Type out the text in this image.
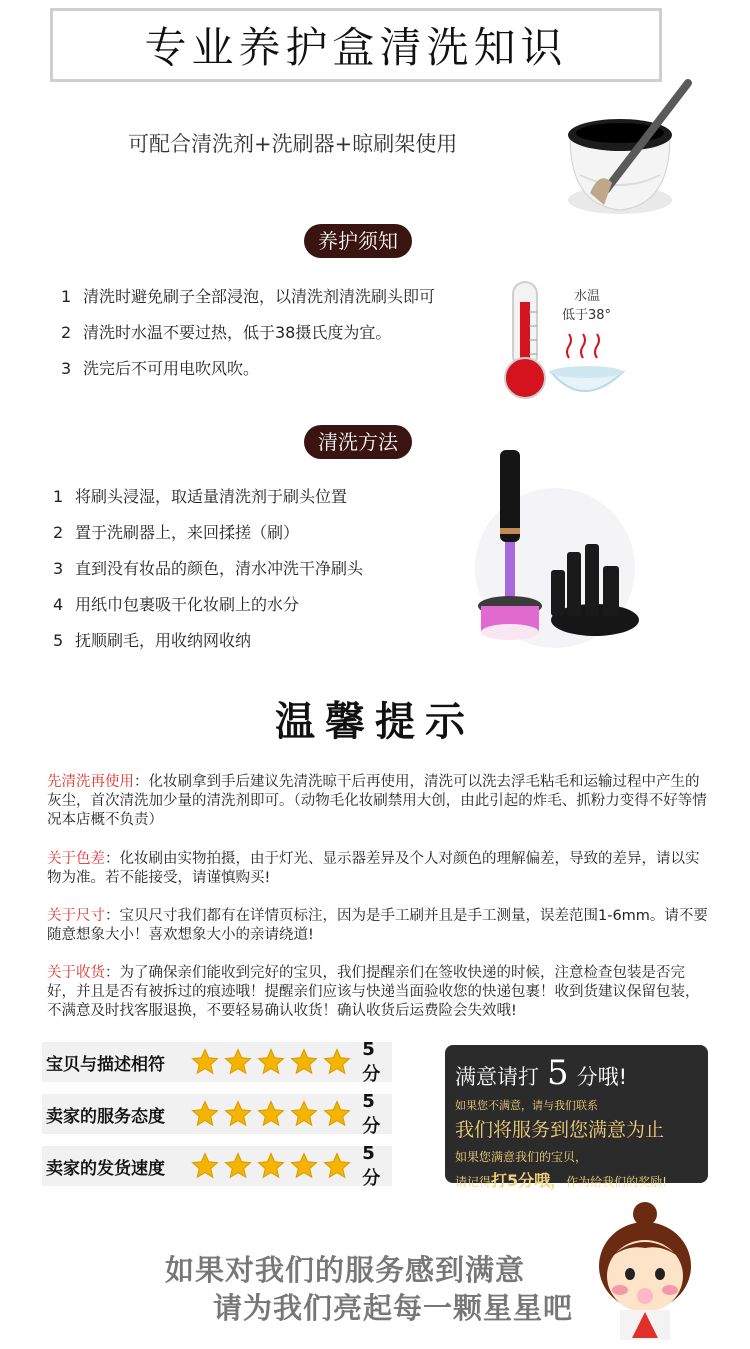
专业养护盒清洗知识
可配合清洗剂+洗刷器+晾刷架使用
养护须知
1 清洗时避免刷子全部浸泡，以清洗剂清洗刷头即可
2 清洗时水温不要过热，低于38摄氏度为宜。
3 洗完后不可用电吹风吹。
水温
低于38°
清洗方法
1 将刷头浸湿，取适量清洗剂于刷头位置
2 置于洗刷器上，来回揉搓（刷）
3 直到没有妆品的颜色，清水冲洗干净刷头
4 用纸巾包裹吸干化妆刷上的水分
5 抚顺刷毛，用收纳网收纳
温馨提示
先清洗再使用：化妆刷拿到手后建议先清洗晾干后再使用，清洗可以洗去浮毛粘毛和运输过程中产生的灰尘，首次清洗加少量的清洗剂即可。（动物毛化妆刷禁用大创，由此引起的炸毛、抓粉力变得不好等情况本店概不负责）
关于色差：化妆刷由实物拍摄，由于灯光、显示器差异及个人对颜色的理解偏差，导致的差异，请以实物为准。若不能接受，请谨慎购买!
关于尺寸：宝贝尺寸我们都有在详情页标注，因为是手工刷并且是手工测量，误差范围1-6mm。请不要随意想象大小！喜欢想象大小的亲请绕道!
关于收货：为了确保亲们能收到完好的宝贝，我们提醒亲们在签收快递的时候，注意检查包装是否完好，并且是否有被拆过的痕迹哦！提醒亲们应该与快递当面验收您的快递包裹！收到货建议保留包装，不满意及时找客服退换，不要轻易确认收货！确认收货后运费险会失效哦!
宝贝与描述相符
5分
卖家的服务态度
5分
卖家的发货速度
5分
满意请打 5 分哦!
如果您不满意，请与我们联系
我们将服务到您满意为止
如果您满意我们的宝贝，
请记得打5分哦，作为给我们的奖励!
如果对我们的服务感到满意
请为我们亮起每一颗星星吧
